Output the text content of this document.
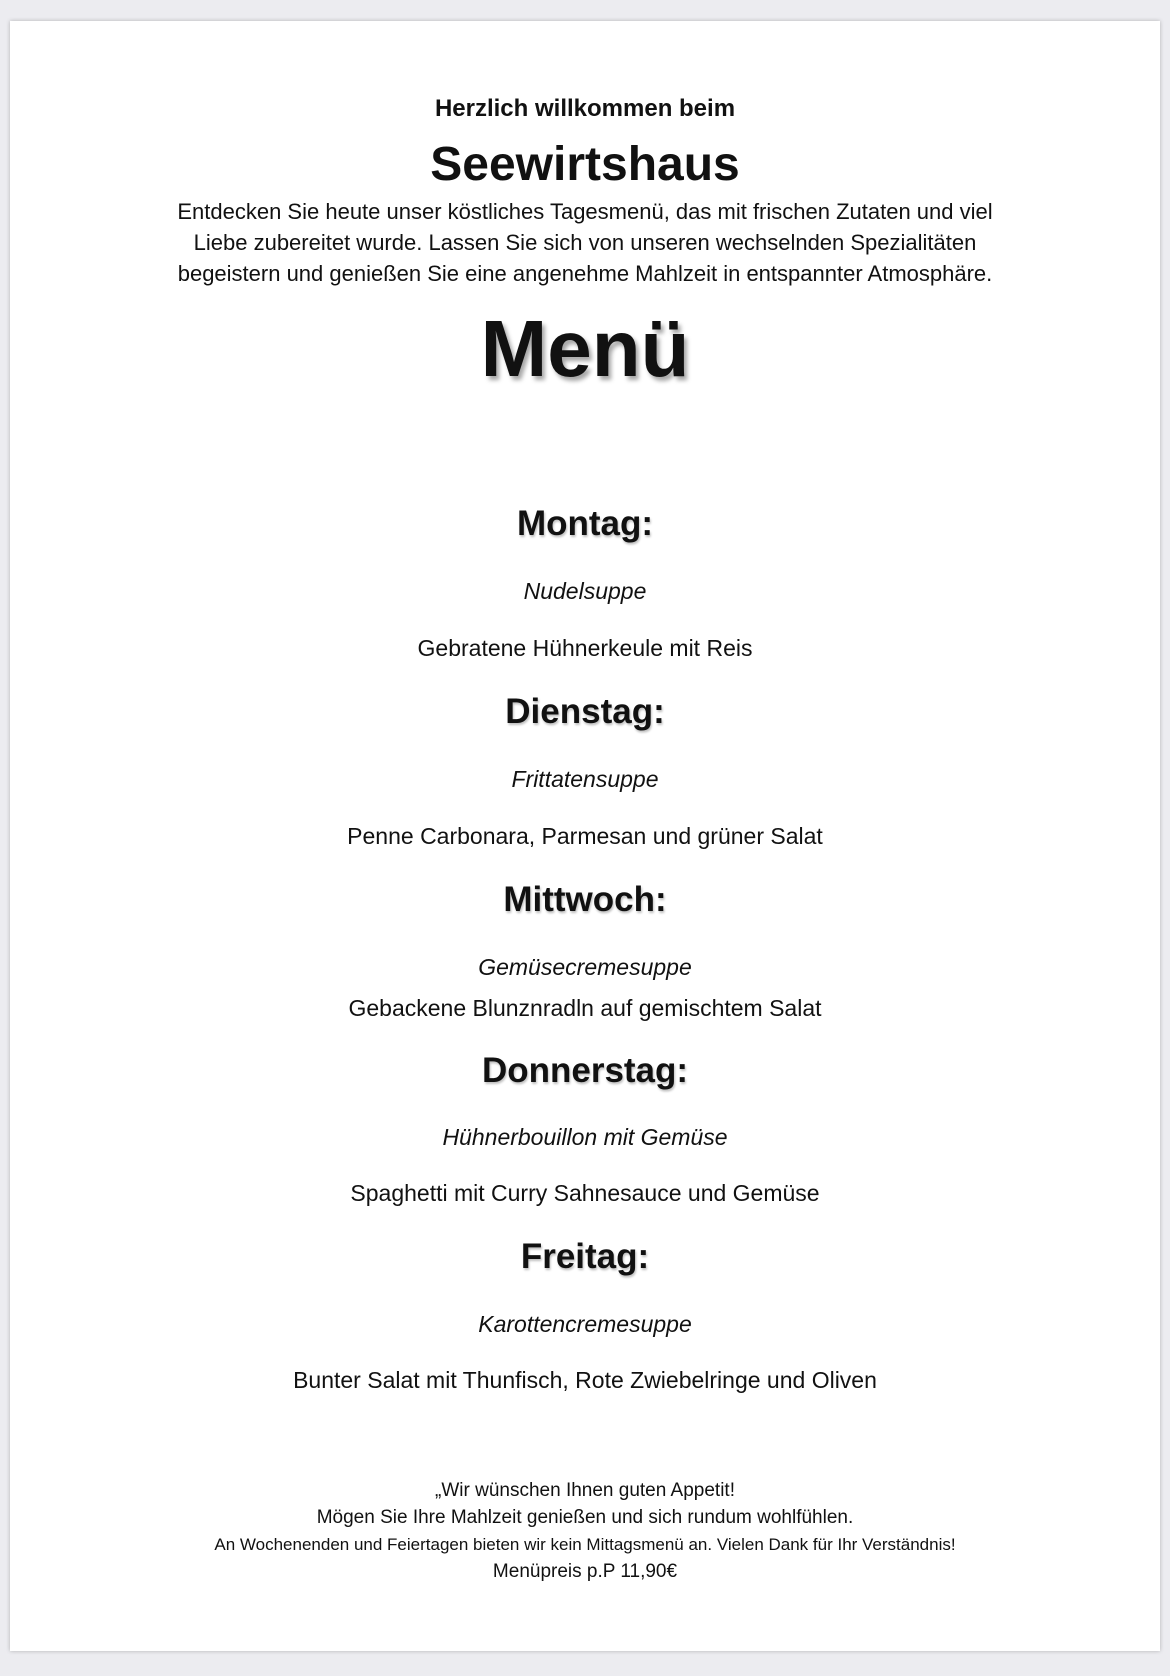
Herzlich willkommen beim
Seewirtshaus
Entdecken Sie heute unser köstliches Tagesmenü, das mit frischen Zutaten und viel
Liebe zubereitet wurde. Lassen Sie sich von unseren wechselnden Spezialitäten
begeistern und genießen Sie eine angenehme Mahlzeit in entspannter Atmosphäre.
Menü
Montag:
Nudelsuppe
Gebratene Hühnerkeule mit Reis
Dienstag:
Frittatensuppe
Penne Carbonara, Parmesan und grüner Salat
Mittwoch:
Gemüsecremesuppe
Gebackene Blunznradln auf gemischtem Salat
Donnerstag:
Hühnerbouillon mit Gemüse
Spaghetti mit Curry Sahnesauce und Gemüse
Freitag:
Karottencremesuppe
Bunter Salat mit Thunfisch, Rote Zwiebelringe und Oliven
„Wir wünschen Ihnen guten Appetit!
Mögen Sie Ihre Mahlzeit genießen und sich rundum wohlfühlen.
An Wochenenden und Feiertagen bieten wir kein Mittagsmenü an. Vielen Dank für Ihr Verständnis!
Menüpreis p.P 11,90€
